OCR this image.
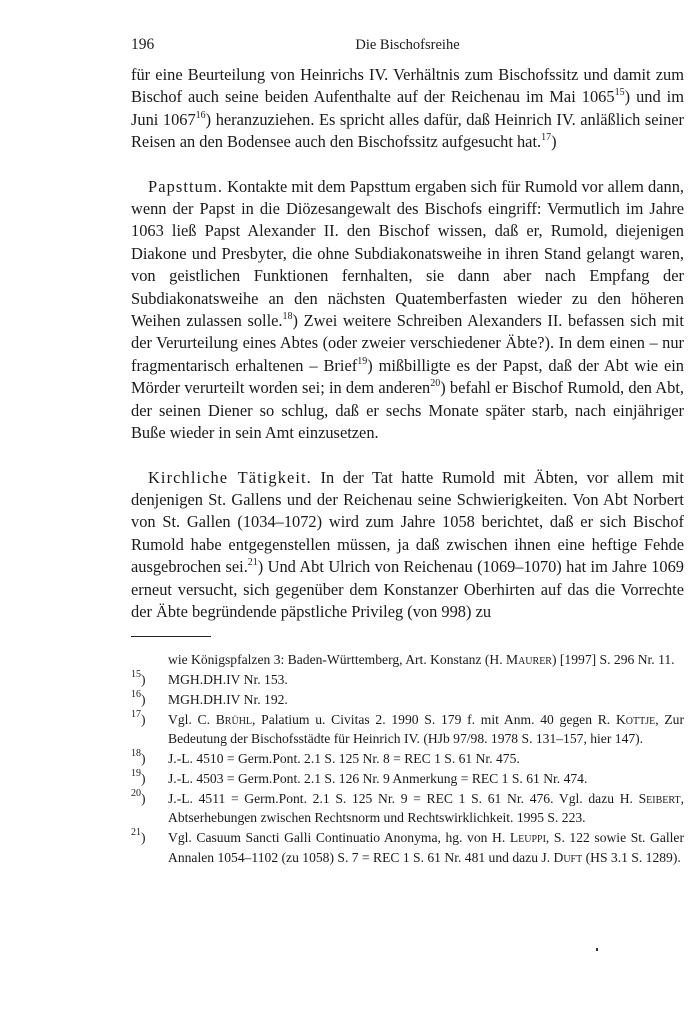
196	Die Bischofsreihe

für eine Beurteilung von Heinrichs IV. Verhältnis zum Bischofssitz und damit zum Bischof auch seine beiden Aufenthalte auf der Reichenau im Mai 1065$^{15}$) und im Juni 1067$^{16}$) heranzuziehen. Es spricht alles dafür, daß Heinrich IV. anläßlich seiner Reisen an den Bodensee auch den Bischofssitz aufgesucht hat.$^{17}$)

Papsttum. Kontakte mit dem Papsttum ergaben sich für Rumold vor allem dann, wenn der Papst in die Diözesangewalt des Bischofs eingriff: Vermutlich im Jahre 1063 ließ Papst Alexander II. den Bischof wissen, daß er, Rumold, diejenigen Diakone und Presbyter, die ohne Subdiakonatsweihe in ihren Stand gelangt waren, von geistlichen Funktionen fernhalten, sie dann aber nach Empfang der Subdiakonatsweihe an den nächsten Quatemberfasten wieder zu den höheren Weihen zulassen solle.$^{18}$) Zwei weitere Schreiben Alexanders II. befassen sich mit der Verurteilung eines Abtes (oder zweier verschiedener Äbte?). In dem einen – nur fragmentarisch erhaltenen – Brief$^{19}$) mißbilligte es der Papst, daß der Abt wie ein Mörder verurteilt worden sei; in dem anderen$^{20}$) befahl er Bischof Rumold, den Abt, der seinen Diener so schlug, daß er sechs Monate später starb, nach einjähriger Buße wieder in sein Amt einzusetzen.

Kirchliche Tätigkeit. In der Tat hatte Rumold mit Äbten, vor allem mit denjenigen St. Gallens und der Reichenau seine Schwierigkeiten. Von Abt Norbert von St. Gallen (1034–1072) wird zum Jahre 1058 berichtet, daß er sich Bischof Rumold habe entgegenstellen müssen, ja daß zwischen ihnen eine heftige Fehde ausgebrochen sei.$^{21}$) Und Abt Ulrich von Reichenau (1069–1070) hat im Jahre 1069 erneut versucht, sich gegenüber dem Konstanzer Oberhirten auf das die Vorrechte der Äbte begründende päpstliche Privileg (von 998) zu

wie Königspfalzen 3: Baden-Württemberg, Art. Konstanz (H. Maurer) [1997] S. 296 Nr. 11.

$^{15}$)	MGH.DH.IV Nr. 153.

$^{16}$)	MGH.DH.IV Nr. 192.

$^{17}$)	Vgl. C. Brühl, Palatium u. Civitas 2. 1990 S. 179 f. mit Anm. 40 gegen R. Kottje, Zur Bedeutung der Bischofsstädte für Heinrich IV. (HJb 97/98. 1978 S. 131–157, hier 147).

$^{18}$)	J.-L. 4510 = Germ.Pont. 2.1 S. 125 Nr. 8 = REC 1 S. 61 Nr. 475.

$^{19}$)	J.-L. 4503 = Germ.Pont. 2.1 S. 126 Nr. 9 Anmerkung = REC 1 S. 61 Nr. 474.

$^{20}$)	J.-L. 4511 = Germ.Pont. 2.1 S. 125 Nr. 9 = REC 1 S. 61 Nr. 476. Vgl. dazu H. Seibert, Abtserhebungen zwischen Rechtsnorm und Rechtswirklichkeit. 1995 S. 223.

$^{21}$)	Vgl. Casuum Sancti Galli Continuatio Anonyma, hg. von H. Leuppi, S. 122 sowie St. Galler Annalen 1054–1102 (zu 1058) S. 7 = REC 1 S. 61 Nr. 481 und dazu J. Duft (HS 3.1 S. 1289).
